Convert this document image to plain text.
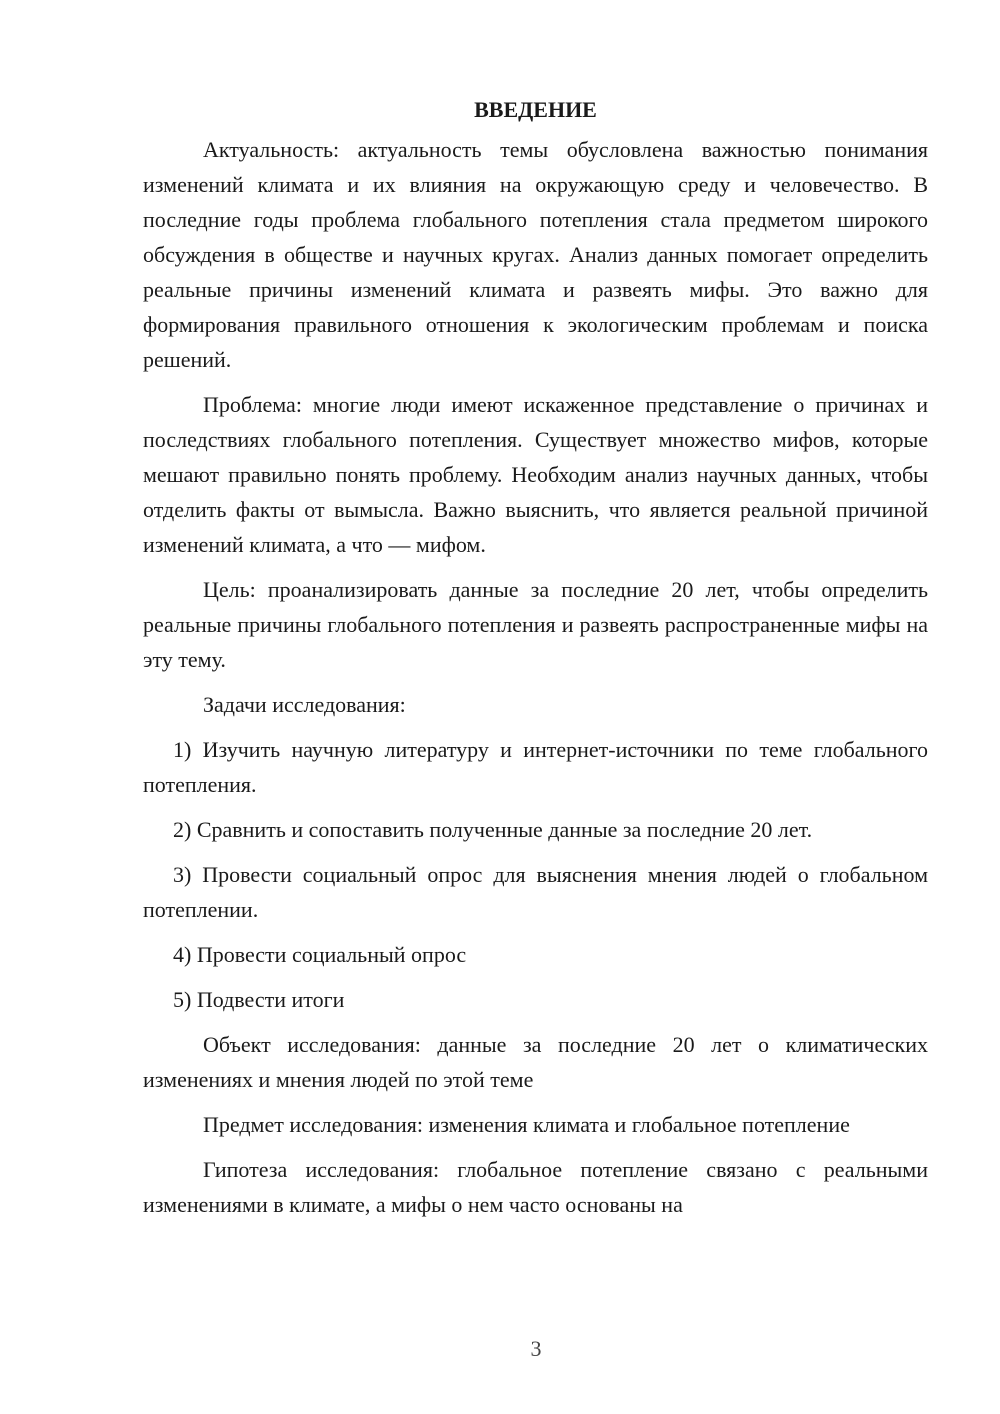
ВВЕДЕНИЕ

Актуальность: актуальность темы обусловлена важностью понимания изменений климата и их влияния на окружающую среду и человечество. В последние годы проблема глобального потепления стала предметом широкого обсуждения в обществе и научных кругах. Анализ данных помогает определить реальные причины изменений климата и развеять мифы. Это важно для формирования правильного отношения к экологическим проблемам и поиска решений.

Проблема: многие люди имеют искаженное представление о причинах и последствиях глобального потепления. Существует множество мифов, которые мешают правильно понять проблему. Необходим анализ научных данных, чтобы отделить факты от вымысла. Важно выяснить, что является реальной причиной изменений климата, а что — мифом.

Цель: проанализировать данные за последние 20 лет, чтобы определить реальные причины глобального потепления и развеять распространенные мифы на эту тему.

Задачи исследования:

1) Изучить научную литературу и интернет-источники по теме глобального потепления.

2) Сравнить и сопоставить полученные данные за последние 20 лет.

3) Провести социальный опрос для выяснения мнения людей о глобальном потеплении.

4) Провести социальный опрос

5) Подвести итоги

Объект исследования: данные за последние 20 лет о климатических изменениях и мнения людей по этой теме

Предмет исследования: изменения климата и глобальное потепление

Гипотеза исследования: глобальное потепление связано с реальными изменениями в климате, а мифы о нем часто основаны на

3
